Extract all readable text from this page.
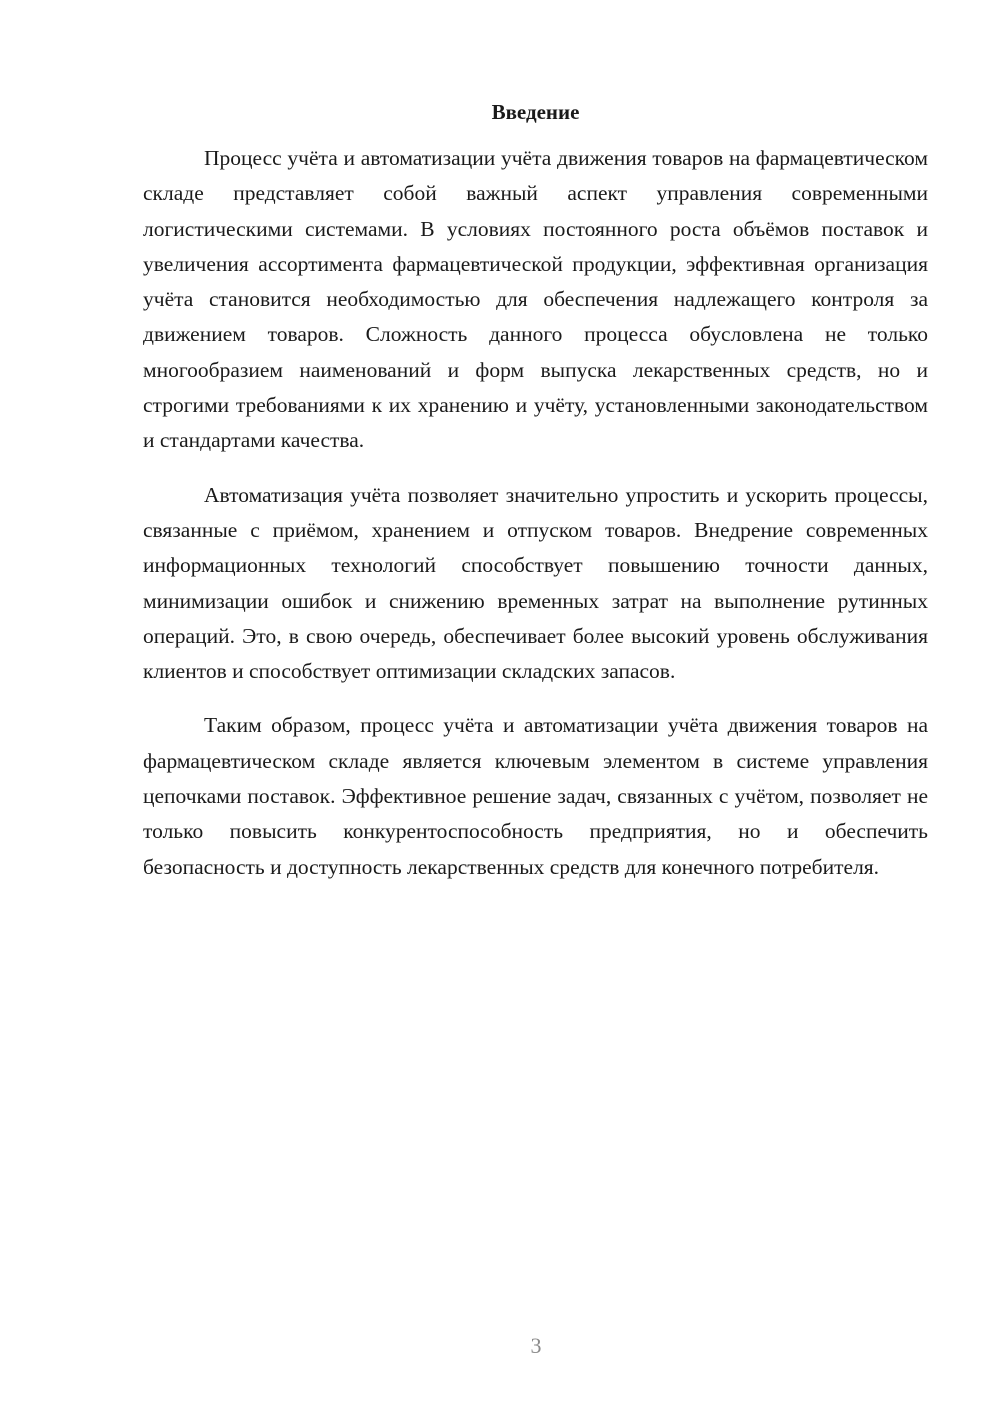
Введение

Процесс учёта и автоматизации учёта движения товаров на фармацевтическом складе представляет собой важный аспект управления современными логистическими системами. В условиях постоянного роста объёмов поставок и увеличения ассортимента фармацевтической продукции, эффективная организация учёта становится необходимостью для обеспечения надлежащего контроля за движением товаров. Сложность данного процесса обусловлена не только многообразием наименований и форм выпуска лекарственных средств, но и строгими требованиями к их хранению и учёту, установленными законодательством и стандартами качества.

Автоматизация учёта позволяет значительно упростить и ускорить процессы, связанные с приёмом, хранением и отпуском товаров. Внедрение современных информационных технологий способствует повышению точности данных, минимизации ошибок и снижению временных затрат на выполнение рутинных операций. Это, в свою очередь, обеспечивает более высокий уровень обслуживания клиентов и способствует оптимизации складских запасов.

Таким образом, процесс учёта и автоматизации учёта движения товаров на фармацевтическом складе является ключевым элементом в системе управления цепочками поставок. Эффективное решение задач, связанных с учётом, позволяет не только повысить конкурентоспособность предприятия, но и обеспечить безопасность и доступность лекарственных средств для конечного потребителя.

3
